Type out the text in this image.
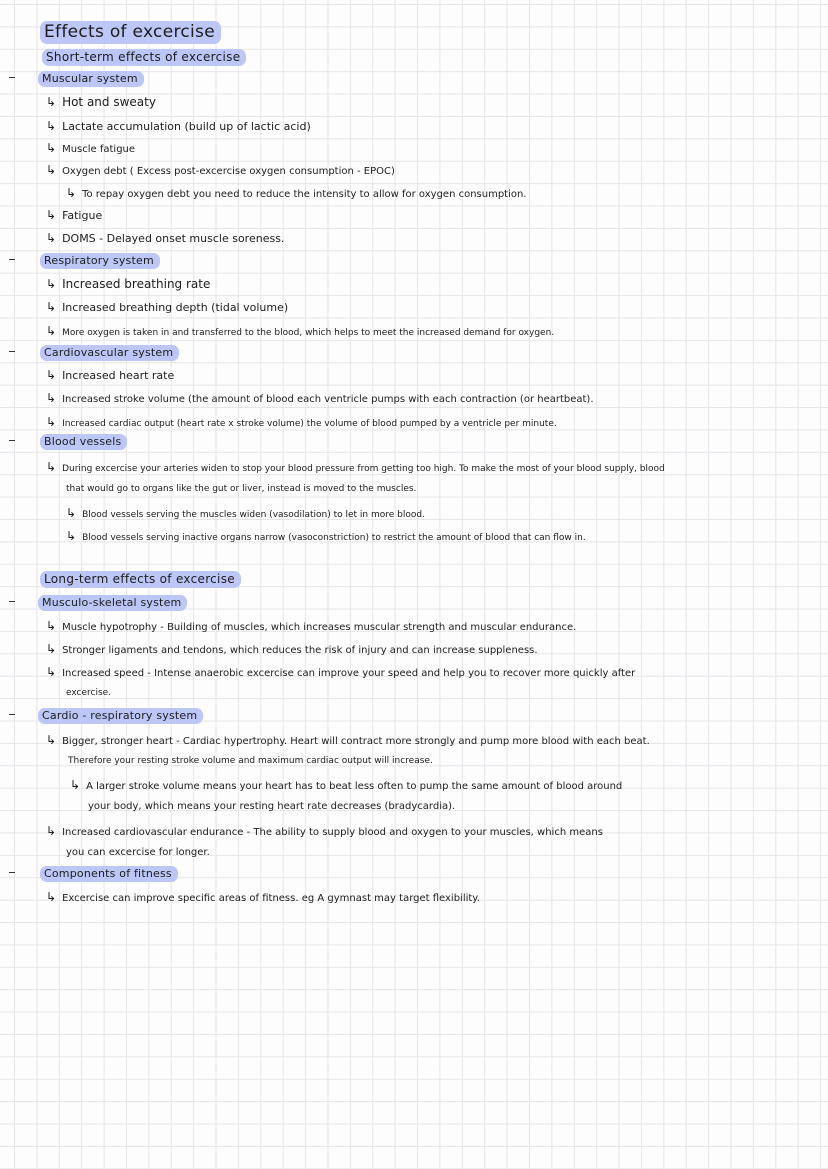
Effects of excercise
Short-term effects of excercise
Muscular system
↳ Hot and sweaty
↳ Lactate accumulation (build up of lactic acid)
↳ Muscle fatigue
↳ Oxygen debt ( Excess post-excercise oxygen consumption - EPOC)
↳ To repay oxygen debt you need to reduce the intensity to allow for oxygen consumption.
↳ Fatigue
↳ DOMS - Delayed onset muscle soreness.
Respiratory system
↳ Increased breathing rate
↳ Increased breathing depth (tidal volume)
↳ More oxygen is taken in and transferred to the blood, which helps to meet the increased demand for oxygen.
Cardiovascular system
↳ Increased heart rate
↳ Increased stroke volume (the amount of blood each ventricle pumps with each contraction (or heartbeat).
↳ Increased cardiac output (heart rate x stroke volume) the volume of blood pumped by a ventricle per minute.
Blood vessels
↳ During excercise your arteries widen to stop your blood pressure from getting too high. To make the most of your blood supply, blood
that would go to organs like the gut or liver, instead is moved to the muscles.
↳ Blood vessels serving the muscles widen (vasodilation) to let in more blood.
↳ Blood vessels serving inactive organs narrow (vasoconstriction) to restrict the amount of blood that can flow in.
Long-term effects of excercise
Musculo-skeletal system
↳ Muscle hypotrophy - Building of muscles, which increases muscular strength and muscular endurance.
↳ Stronger ligaments and tendons, which reduces the risk of injury and can increase suppleness.
↳ Increased speed - Intense anaerobic excercise can improve your speed and help you to recover more quickly after
excercise.
Cardio - respiratory system
↳ Bigger, stronger heart - Cardiac hypertrophy. Heart will contract more strongly and pump more blood with each beat.
Therefore your resting stroke volume and maximum cardiac output will increase.
↳ A larger stroke volume means your heart has to beat less often to pump the same amount of blood around
your body, which means your resting heart rate decreases (bradycardia).
↳ Increased cardiovascular endurance - The ability to supply blood and oxygen to your muscles, which means
you can excercise for longer.
Components of fitness
↳ Excercise can improve specific areas of fitness. eg A gymnast may target flexibility.
